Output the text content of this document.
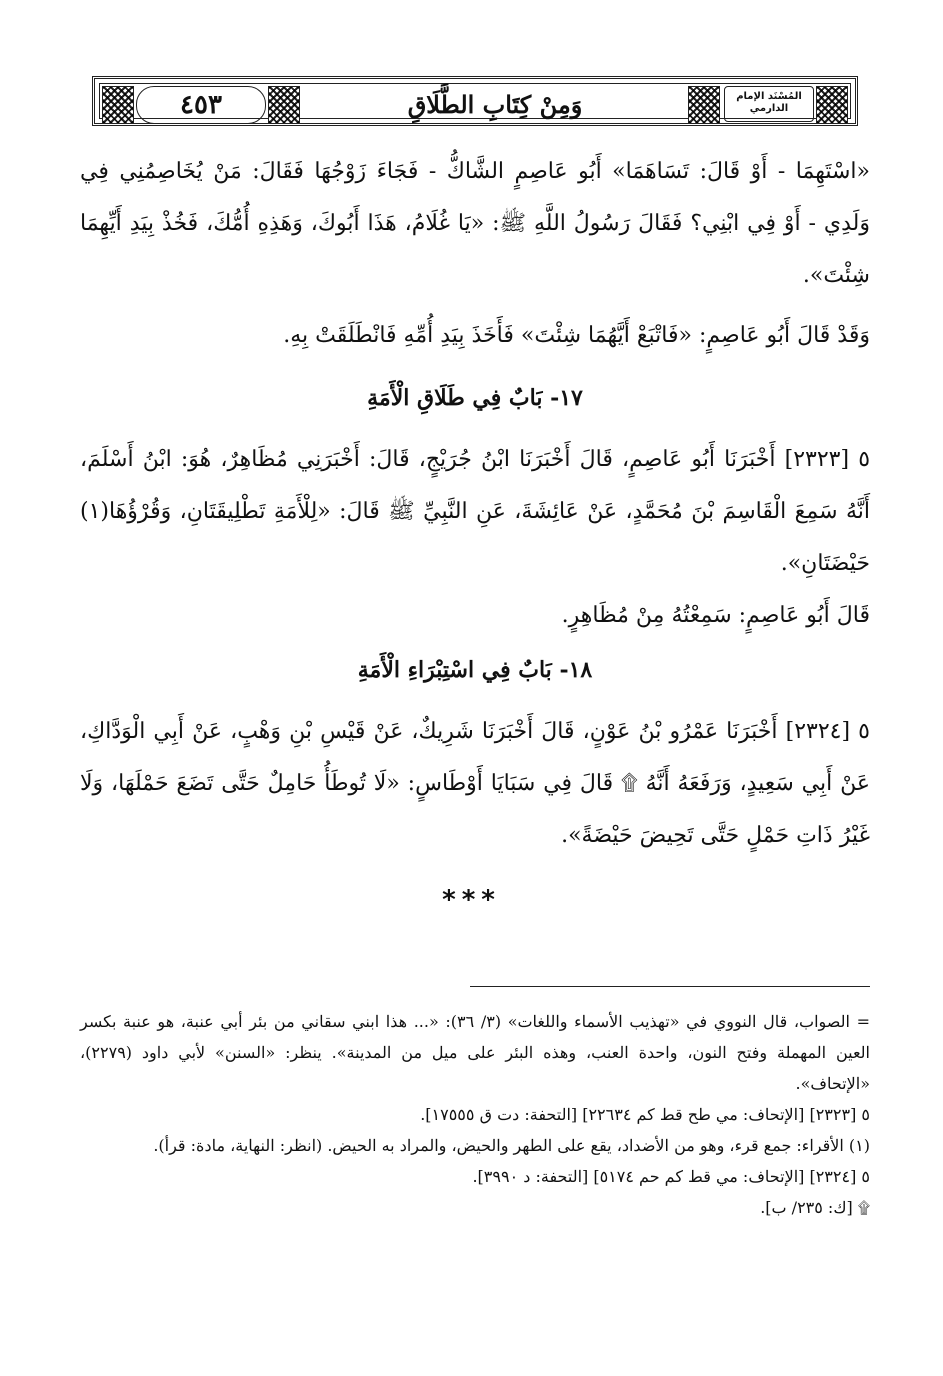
٤٥٣	وَمِنْ كِتَابِ الطَّلَاقِ	المُسْنَد الإمام الدارمي
«اسْتَهِمَا - أَوْ قَالَ: تَسَاهَمَا» أَبُو عَاصِمٍ الشَّاكُّ - فَجَاءَ زَوْجُهَا فَقَالَ: مَنْ يُخَاصِمُنِي فِي وَلَدِي - أَوْ فِي ابْنِي؟ فَقَالَ رَسُولُ اللَّهِ ﷺ: «يَا غُلَامُ، هَذَا أَبُوكَ، وَهَذِهِ أُمُّكَ، فَخُذْ بِيَدِ أَيِّهِمَا شِئْتَ».
وَقَدْ قَالَ أَبُو عَاصِمٍ: «فَاتْبَعْ أَيَّهُمَا شِئْتَ» فَأَخَذَ بِيَدِ أُمِّهِ فَانْطَلَقَتْ بِهِ.
١٧- بَابٌ فِي طَلَاقِ الْأَمَةِ
٥ [٢٣٢٣] أَخْبَرَنَا أَبُو عَاصِمٍ، قَالَ أَخْبَرَنَا ابْنُ جُرَيْجٍ، قَالَ: أَخْبَرَنِي مُظَاهِرٌ، هُوَ: ابْنُ أَسْلَمَ، أَنَّهُ سَمِعَ الْقَاسِمَ بْنَ مُحَمَّدٍ، عَنْ عَائِشَةَ، عَنِ النَّبِيِّ ﷺ قَالَ: «لِلْأَمَةِ تَطْلِيقَتَانِ، وَقُرْؤُهَا(١) حَيْضَتَانِ».
قَالَ أَبُو عَاصِمٍ: سَمِعْتُهُ مِنْ مُظَاهِرٍ.
١٨- بَابٌ فِي اسْتِبْرَاءِ الْأَمَةِ
٥ [٢٣٢٤] أَخْبَرَنَا عَمْرُو بْنُ عَوْنٍ، قَالَ أَخْبَرَنَا شَرِيكٌ، عَنْ قَيْسِ بْنِ وَهْبٍ، عَنْ أَبِي الْوَدَّاكِ، عَنْ أَبِي سَعِيدٍ، وَرَفَعَهُ أَنَّهُ ۩ قَالَ فِي سَبَايَا أَوْطَاسٍ: «لَا تُوطَأُ حَامِلٌ حَتَّى تَضَعَ حَمْلَهَا، وَلَا غَيْرُ ذَاتِ حَمْلٍ حَتَّى تَحِيضَ حَيْضَةً».
***

= الصواب، قال النووي في «تهذيب الأسماء واللغات» (٣/ ٣٦): «... هذا ابني سقاني من بئر أبي عنبة، هو عنبة بكسر العين المهملة وفتح النون، واحدة العنب، وهذه البئر على ميل من المدينة». ينظر: «السنن» لأبي داود (٢٢٧٩)، «الإتحاف».

٥ [٢٣٢٣] [الإتحاف: مي طح قط كم ٢٢٦٣٤] [التحفة: دت ق ١٧٥٥٥].

(١) الأقراء: جمع قرء، وهو من الأضداد، يقع على الطهر والحيض، والمراد به الحيض. (انظر: النهاية، مادة: قرأ).

٥ [٢٣٢٤] [الإتحاف: مي قط كم حم ٥١٧٤] [التحفة: د ٣٩٩٠].

۩ [ك: ٢٣٥/ ب].
